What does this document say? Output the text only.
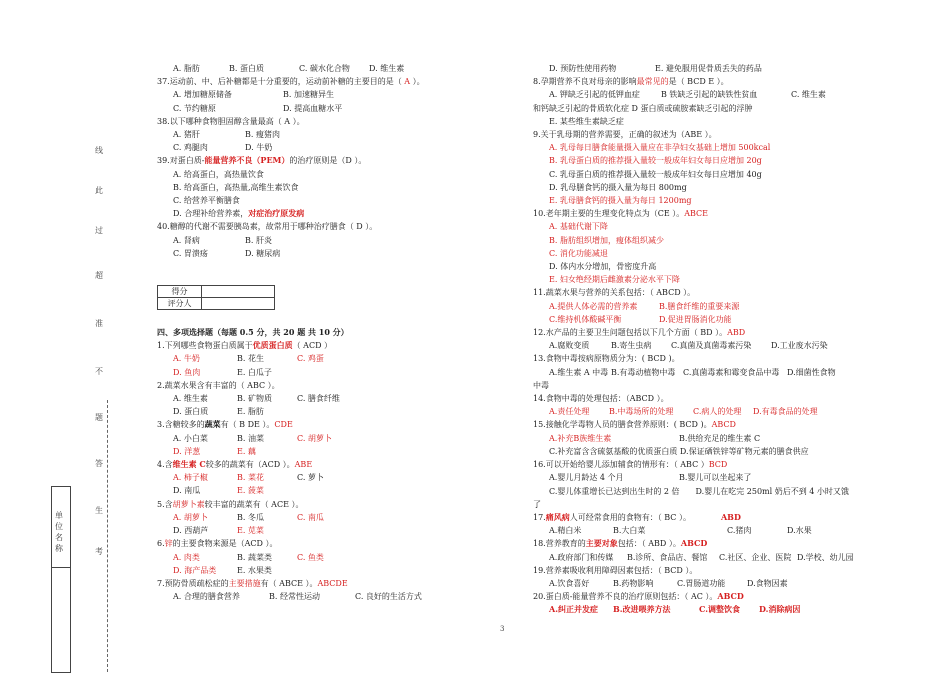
线
此
过
超
准
不
题
答
生
考
单位名称
得分	
评分人	
A. 脂肪	B. 蛋白质	C. 碳水化合物 D. 维生素
37.运动前、中、后补糖都是十分重要的，运动前补糖的主要目的是（ A ）。
A. 增加糖原储备	B. 加速糖异生
C. 节约糖原	D. 提高血糖水平
38.以下哪种食物胆固醇含量最高（ A ）。
A. 猪肝	B. 瘦猪肉
C. 鸡腿肉	D. 牛奶
39.对蛋白质-能量营养不良（PEM）的治疗原则是（D ）。
A. 给高蛋白，高热量饮食
B. 给高蛋白，高热量,高维生素饮食
C. 给营养平衡膳食
D. 合理补给营养素，对症治疗原发病
40.糖醇的代谢不需要胰岛素，故常用于哪种治疗膳食（ D ）。
A. 肾病	B. 肝炎
C. 胃溃疡	D. 糖尿病
四、多项选择题（每题 0.5 分，共 20 题 共 10 分）
1.下列哪些食物蛋白质属于优质蛋白质（ ACD ）
A. 牛奶	B. 花生	C. 鸡蛋
D. 鱼肉	E. 白瓜子
2.蔬菜水果含有丰富的（ ABC ）。
A. 维生素	B. 矿物质	C. 膳食纤维
D. 蛋白质	E. 脂肪
3.含糖较多的蔬菜有（ B DE ）。CDE
A. 小白菜	B. 油菜	C. 胡萝卜
D. 洋葱	E. 藕
4.含维生素 C较多的蔬菜有（ACD ）。ABE
A. 柿子椒	B. 菜花	C. 萝卜
D. 南瓜	E. 菠菜
5.含胡萝卜素较丰富的蔬菜有（ ACE ）。
A. 胡萝卜	B. 冬瓜	C. 南瓜
D. 西葫芦	E. 苋菜
6.锌的主要食物来源是（ACD ）。
A. 肉类	B. 蔬菜类	C. 鱼类
D. 海产品类	E. 水果类
7.预防骨质疏松症的主要措施有（ ABCE ）。ABCDE
A. 合理的膳食营养	B. 经常性运动	C. 良好的生活方式
D. 预防性使用药物	E. 避免服用促骨质丢失的药品
8.孕期营养不良对母亲的影响最常见的是（ BCD E ）。
A. 钾缺乏引起的低钾血症	B 铁缺乏引起的缺铁性贫血	C. 维生素
和钙缺乏引起的骨质软化症 D 蛋白质或硫胺素缺乏引起的浮肿
E. 某些维生素缺乏症
9.关于乳母期的营养需要，正确的叙述为（ABE ）。
A. 乳母每日膳食能量摄入量应在非孕妇女基础上增加 500kcal
B. 乳母蛋白质的推荐摄入量较一般成年妇女每日应增加 20g
C. 乳母蛋白质的推荐摄入量较一般成年妇女每日应增加 40g
D. 乳母膳食钙的摄入量为每日 800mg
E. 乳母膳食钙的摄入量为每日 1200mg
10.老年期主要的生理变化特点为（CE ）。ABCE
A. 基础代谢下降
B. 脂肪组织增加，瘦体组织减少
C. 消化功能减退
D. 体内水分增加，骨密度升高
E. 妇女绝经期后雌激素分泌水平下降
11.蔬菜水果与营养的关系包括：（ ABCD ）。
A.提供人体必需的营养素	B.膳食纤维的重要来源
C.维持机体酸碱平衡	D.促进胃肠消化功能
12.水产品的主要卫生问题包括以下几个方面（ BD ）。ABD
A.腐败变质	B.寄生虫病 C.真菌及真菌毒素污染 D.工业废水污染
13.食物中毒按病原物质分为：( BCD )。
A.维生素 A 中毒 B.有毒动植物中毒 C.真菌毒素和霉变食品中毒 D.细菌性食物
中毒
14.食物中毒的处理包括：（ABCD ）。
A.责任处理 B.中毒场所的处理 C.病人的处理 D.有毒食品的处理
15.接触化学毒物人员的膳食营养原则：( BCD )。ABCD
A.补充B族维生素	B.供给充足的维生素 C
C.补充富含含硫氨基酸的优质蛋白质 D.保证硒铁锌等矿物元素的膳食供应
16.可以开始给婴儿添加辅食的情形有：（ ABC ）BCD
A.婴儿月龄达 4 个月	B.婴儿可以坐起来了
C.婴儿体重增长已达到出生时的 2 倍　　D.婴儿在吃完 250ml 奶后不到 4 小时又饿
了
17.痛风病人可经常食用的食物有：（ BC ）。	ABD
A.精白米	B.大白菜	C.猪肉	D.水果
18.营养教育的主要对象包括：（ ABD ）。ABCD
A.政府部门和传媒 B.诊所、食品店、餐馆 C.社区、企业、医院 D.学校、幼儿园
19.营养素吸收利用障碍因素包括：（ BCD ）。
A.饮食喜好	B.药物影响	C.胃肠道功能	D.食物因素
20.蛋白质-能量营养不良的治疗原则包括：（ AC ）。ABCD
A.纠正并发症 B.改进喂养方法	C.调整饮食 D.消除病因
3
